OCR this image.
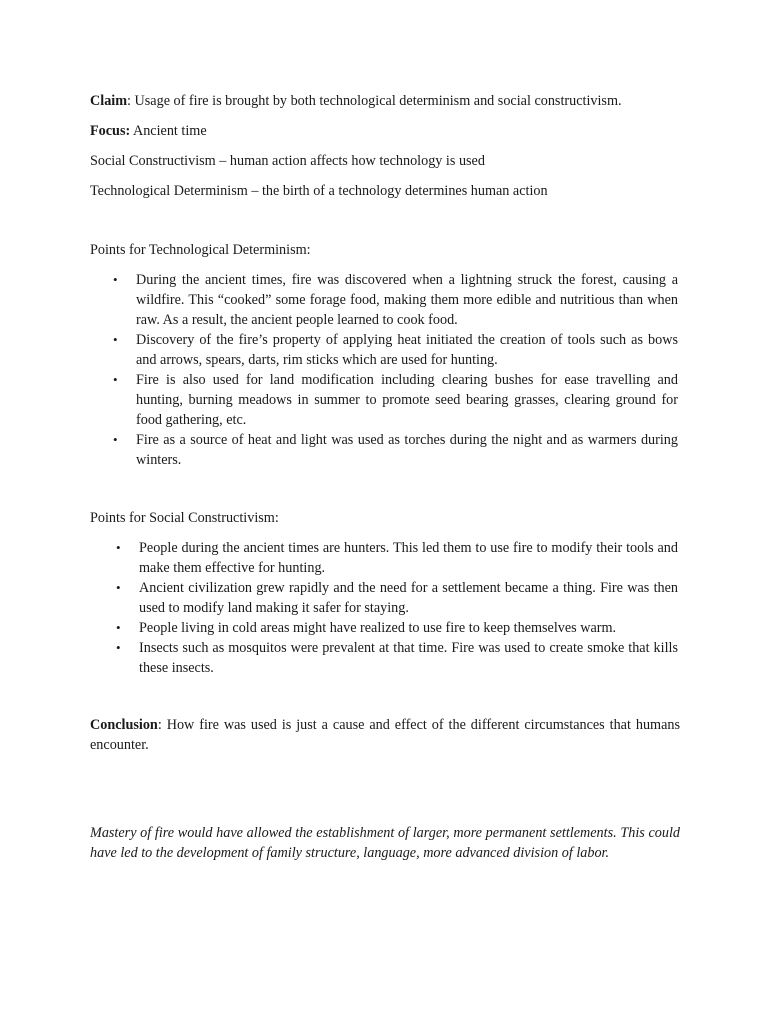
Claim: Usage of fire is brought by both technological determinism and social constructivism.

Focus: Ancient time

Social Constructivism – human action affects how technology is used

Technological Determinism – the birth of a technology determines human action

Points for Technological Determinism:

• During the ancient times, fire was discovered when a lightning struck the forest, causing a wildfire. This “cooked” some forage food, making them more edible and nutritious than when raw. As a result, the ancient people learned to cook food.
• Discovery of the fire’s property of applying heat initiated the creation of tools such as bows and arrows, spears, darts, rim sticks which are used for hunting.
• Fire is also used for land modification including clearing bushes for ease travelling and hunting, burning meadows in summer to promote seed bearing grasses, clearing ground for food gathering, etc.
• Fire as a source of heat and light was used as torches during the night and as warmers during winters.

Points for Social Constructivism:

• People during the ancient times are hunters. This led them to use fire to modify their tools and make them effective for hunting.
• Ancient civilization grew rapidly and the need for a settlement became a thing. Fire was then used to modify land making it safer for staying.
• People living in cold areas might have realized to use fire to keep themselves warm.
• Insects such as mosquitos were prevalent at that time. Fire was used to create smoke that kills these insects.

Conclusion: How fire was used is just a cause and effect of the different circumstances that humans encounter.

Mastery of fire would have allowed the establishment of larger, more permanent settlements. This could have led to the development of family structure, language, more advanced division of labor.
